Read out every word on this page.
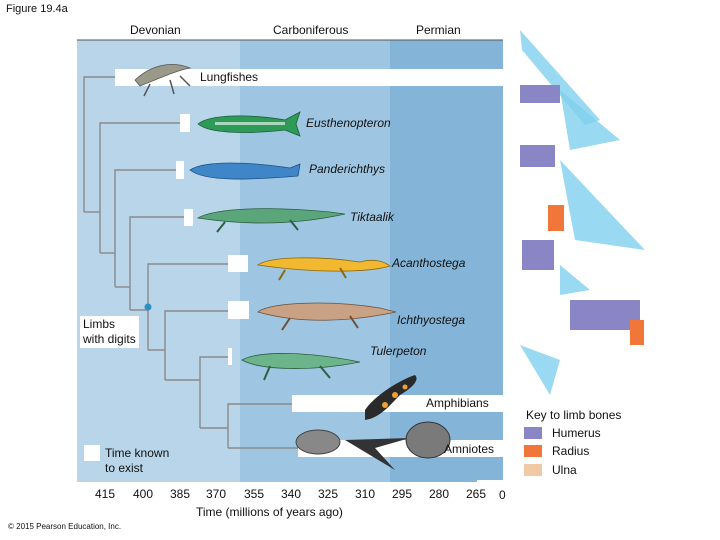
Figure 19.4a
Devonian	Carboniferous	Permian
Lungfishes
Eusthenopteron
Panderichthys
Tiktaalik
Acanthostega
Ichthyostega
Tulerpeton
Amphibians
Amniotes
Limbs
with digits
Time known
to exist
415 400 385 370 355 340 325 310 295 280 265 0
Time (millions of years ago)
Key to limb bones
Humerus
Radius
Ulna
© 2015 Pearson Education, Inc.
